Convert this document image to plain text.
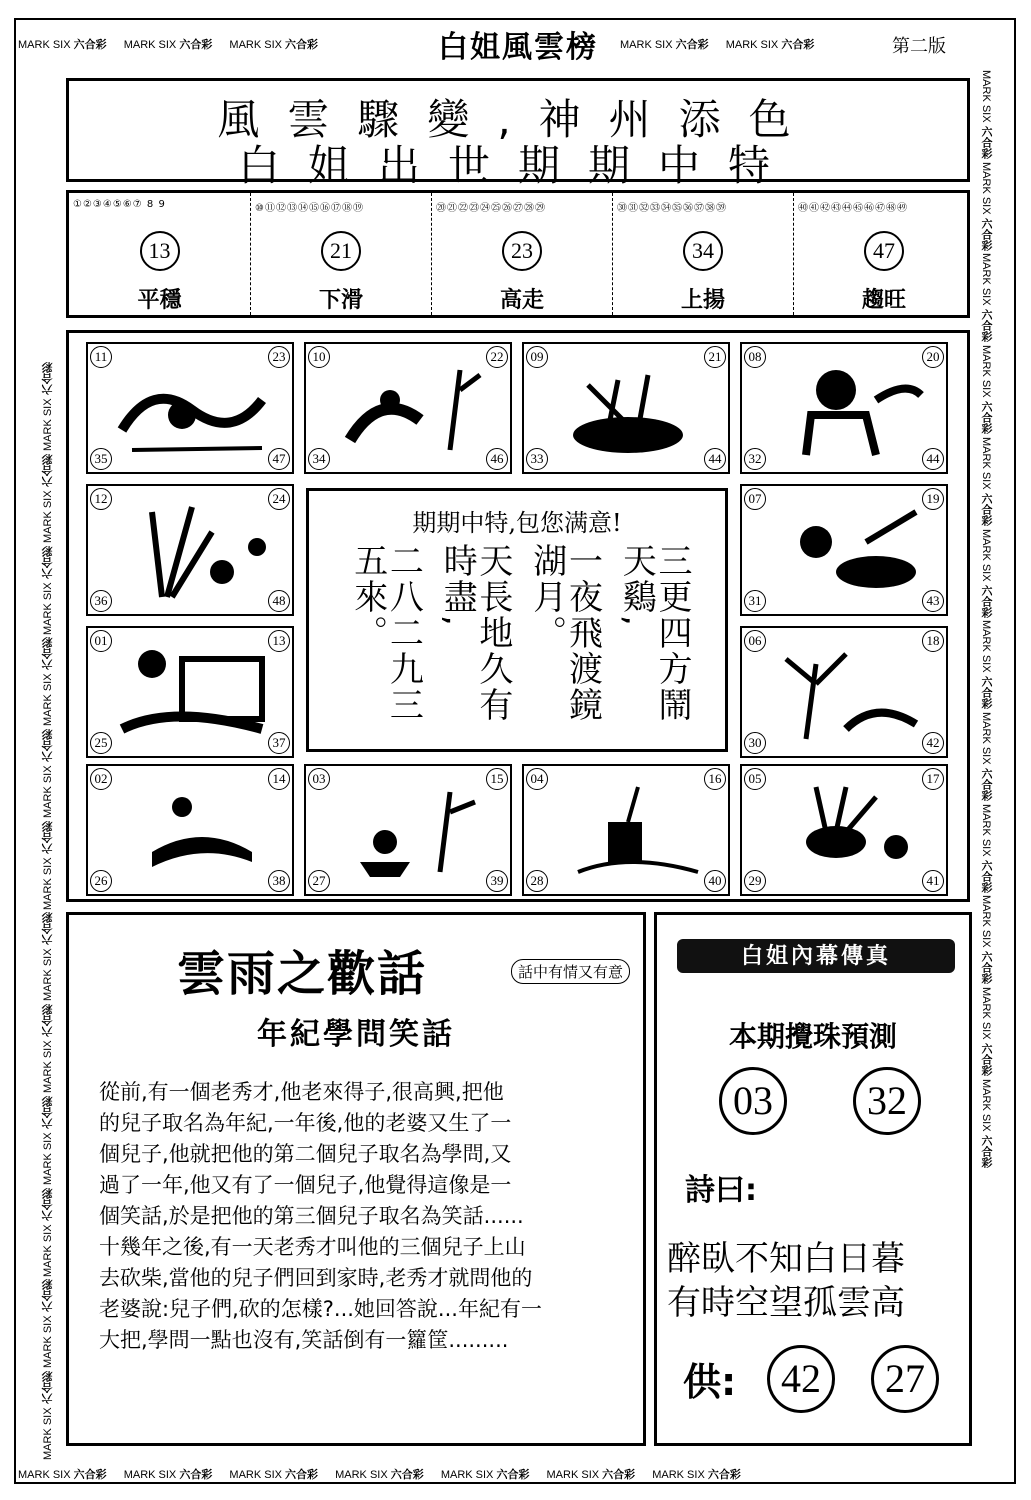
MARK SIX 六合彩 MARK SIX 六合彩 MARK SIX 六合彩	MARK SIX 六合彩 MARK SIX 六合彩
MARK SIX 六合彩 MARK SIX 六合彩 MARK SIX 六合彩 MARK SIX 六合彩 MARK SIX 六合彩 MARK SIX 六合彩 MARK SIX 六合彩
MARK SIX 六合彩 MARK SIX 六合彩 MARK SIX 六合彩 MARK SIX 六合彩 MARK SIX 六合彩 MARK SIX 六合彩 MARK SIX 六合彩 MARK SIX 六合彩 MARK SIX 六合彩 MARK SIX 六合彩 MARK SIX 六合彩 MARK SIX 六合彩
MARK SIX 六合彩 MARK SIX 六合彩 MARK SIX 六合彩 MARK SIX 六合彩 MARK SIX 六合彩 MARK SIX 六合彩 MARK SIX 六合彩 MARK SIX 六合彩 MARK SIX 六合彩 MARK SIX 六合彩 MARK SIX 六合彩 MARK SIX 六合彩
白姐風雲榜	第二版
風雲驟變,神州添色
白姐出世期期中特
①②③④⑤⑥⑦ 8 9
13
平穩
⑩⑪⑫⑬⑭⑮⑯⑰⑱⑲
21
下滑
⑳㉑㉒㉓㉔㉕㉖㉗㉘㉙
23
高走
㉚㉛㉜㉝㉞㉟㊱㊲㊳㊴
34
上揚
㊵㊶㊷㊸㊹㊺㊻㊼㊽㊾
47
趨旺
11	23
35	47
10	22
34	46
09	21
33	44
08	20
32	44
12	24
36	48
07	19
31	43
01	13
25	37
06	18
30	42
02	14
26	38
03	15
27	39
04	16
28	40
05	17
29	41
期期中特,包您满意!
三更四方鬧天鷄,
一夜飛渡鏡湖月。
天長地久有時盡,
二八二九三五來。
雲雨之歡話	話中有情又有意
年紀學問笑話
從前,有一個老秀才,他老來得子,很高興,把他
的兒子取名為年紀,一年後,他的老婆又生了一
個兒子,他就把他的第二個兒子取名為學問,又
過了一年,他又有了一個兒子,他覺得這像是一
個笑話,於是把他的第三個兒子取名為笑話......
十幾年之後,有一天老秀才叫他的三個兒子上山
去砍柴,當他的兒子們回到家時,老秀才就問他的
老婆說:兒子們,砍的怎樣?...她回答說...年紀有一
大把,學問一點也沒有,笑話倒有一籮筐.........
白姐內幕傳真
本期攪珠預測
03	32
詩曰:
醉臥不知白日暮
有時空望孤雲高
供:	42	27
